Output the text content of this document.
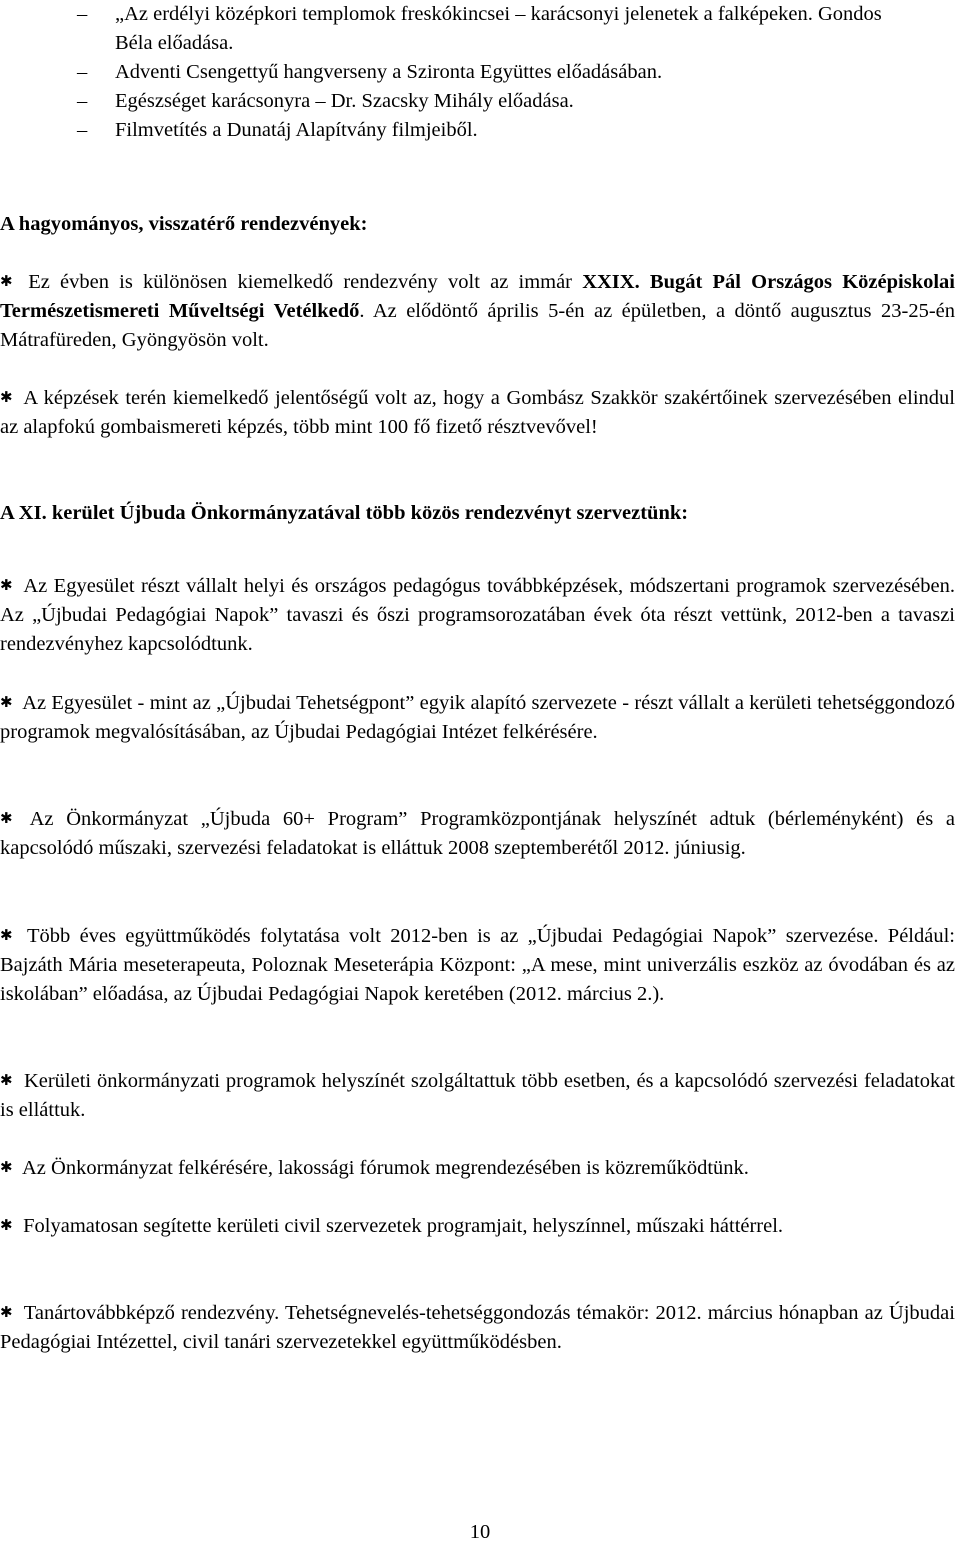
–	„Az erdélyi középkori templomok freskókincsei – karácsonyi jelenetek a falképeken. Gondos Béla előadása.
–	Adventi Csengettyű hangverseny a Szironta Együttes előadásában.
–	Egészséget karácsonyra – Dr. Szacsky Mihály előadása.
–	Filmvetítés a Dunatáj Alapítvány filmjeiből.
A hagyományos, visszatérő rendezvények:

✱ Ez évben is különösen kiemelkedő rendezvény volt az immár XXIX. Bugát Pál Országos Középiskolai Természetismereti Műveltségi Vetélkedő. Az elődöntő április 5-én az épületben, a döntő augusztus 23-25-én Mátrafüreden, Gyöngyösön volt.

✱ A képzések terén kiemelkedő jelentőségű volt az, hogy a Gombász Szakkör szakértőinek szervezésében elindul az alapfokú gombaismereti képzés, több mint 100 fő fizető résztvevővel!

A XI. kerület Újbuda Önkormányzatával több közös rendezvényt szerveztünk:

✱ Az Egyesület részt vállalt helyi és országos pedagógus továbbképzések, módszertani programok szervezésében. Az „Újbudai Pedagógiai Napok” tavaszi és őszi programsorozatában évek óta részt vettünk, 2012-ben a tavaszi rendezvényhez kapcsolódtunk.

✱ Az Egyesület - mint az „Újbudai Tehetségpont” egyik alapító szervezete - részt vállalt a kerületi tehetséggondozó programok megvalósításában, az Újbudai Pedagógiai Intézet felkérésére.

✱ Az Önkormányzat „Újbuda 60+ Program” Programközpontjának helyszínét adtuk (bérleményként) és a kapcsolódó műszaki, szervezési feladatokat is elláttuk 2008 szeptemberétől 2012. júniusig.

✱ Több éves együttműködés folytatása volt 2012-ben is az „Újbudai Pedagógiai Napok” szervezése. Például: Bajzáth Mária meseterapeuta, Poloznak Meseterápia Központ: „A mese, mint univerzális eszköz az óvodában és az iskolában” előadása, az Újbudai Pedagógiai Napok keretében (2012. március 2.).

✱ Kerületi önkormányzati programok helyszínét szolgáltattuk több esetben, és a kapcsolódó szervezési feladatokat is elláttuk.

✱ Az Önkormányzat felkérésére, lakossági fórumok megrendezésében is közreműködtünk.

✱ Folyamatosan segítette kerületi civil szervezetek programjait, helyszínnel, műszaki háttérrel.

✱ Tanártovábbképző rendezvény. Tehetségnevelés-tehetséggondozás témakör: 2012. március hónapban az Újbudai Pedagógiai Intézettel, civil tanári szervezetekkel együttműködésben.

10
